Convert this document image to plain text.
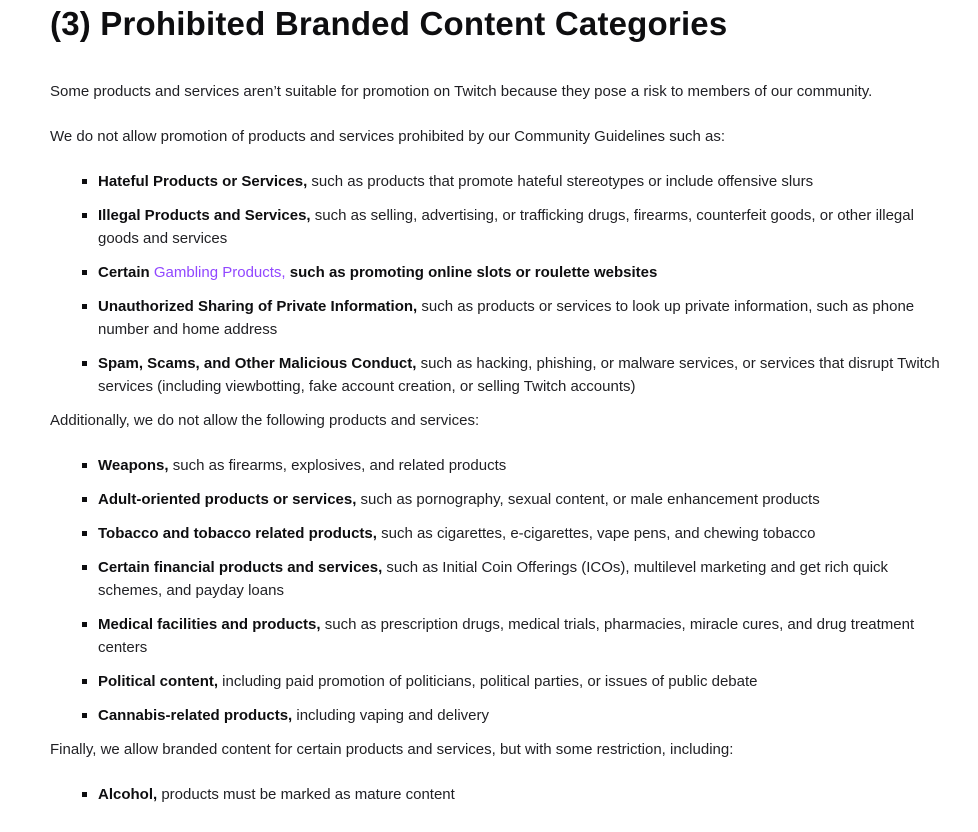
(3) Prohibited Branded Content Categories

Some products and services aren’t suitable for promotion on Twitch because they pose a risk to members of our community.

We do not allow promotion of products and services prohibited by our Community Guidelines such as:

Hateful Products or Services, such as products that promote hateful stereotypes or include offensive slurs
Illegal Products and Services, such as selling, advertising, or trafficking drugs, firearms, counterfeit goods, or other illegal goods and services
Certain Gambling Products, such as promoting online slots or roulette websites
Unauthorized Sharing of Private Information, such as products or services to look up private information, such as phone number and home address
Spam, Scams, and Other Malicious Conduct, such as hacking, phishing, or malware services, or services that disrupt Twitch services (including viewbotting, fake account creation, or selling Twitch accounts)

Additionally, we do not allow the following products and services:

Weapons, such as firearms, explosives, and related products
Adult-oriented products or services, such as pornography, sexual content, or male enhancement products
Tobacco and tobacco related products, such as cigarettes, e-cigarettes, vape pens, and chewing tobacco
Certain financial products and services, such as Initial Coin Offerings (ICOs), multilevel marketing and get rich quick schemes, and payday loans
Medical facilities and products, such as prescription drugs, medical trials, pharmacies, miracle cures, and drug treatment centers
Political content, including paid promotion of politicians, political parties, or issues of public debate
Cannabis-related products, including vaping and delivery

Finally, we allow branded content for certain products and services, but with some restriction, including:

Alcohol, products must be marked as mature content
